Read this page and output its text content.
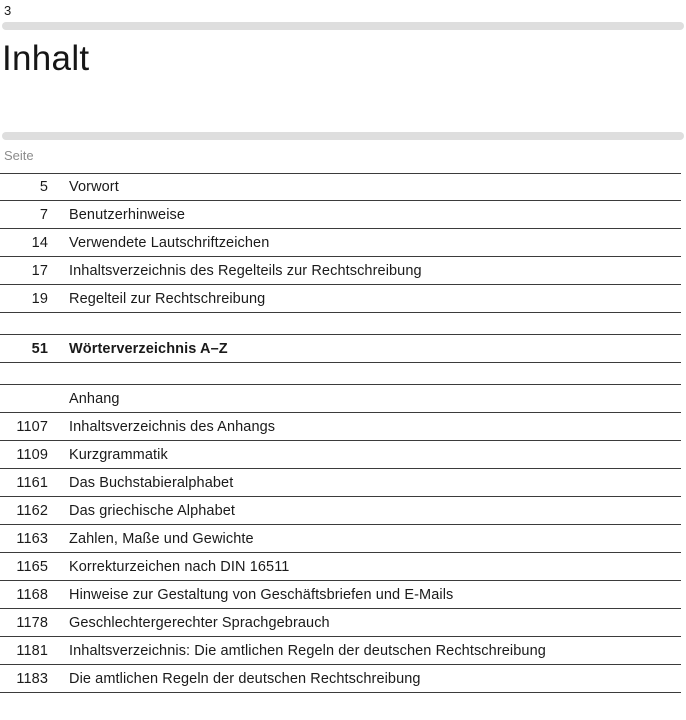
3
Inhalt
Seite
5	Vorwort
7	Benutzerhinweise
14	Verwendete Lautschriftzeichen
17	Inhaltsverzeichnis des Regelteils zur Rechtschreibung
19	Regelteil zur Rechtschreibung
51	Wörterverzeichnis A–Z
Anhang
1107	Inhaltsverzeichnis des Anhangs
1109	Kurzgrammatik
1161	Das Buchstabieralphabet
1162	Das griechische Alphabet
1163	Zahlen, Maße und Gewichte
1165	Korrekturzeichen nach DIN 16511
1168	Hinweise zur Gestaltung von Geschäftsbriefen und E-Mails
1178	Geschlechtergerechter Sprachgebrauch
1181	Inhaltsverzeichnis: Die amtlichen Regeln der deutschen Rechtschreibung
1183	Die amtlichen Regeln der deutschen Rechtschreibung
